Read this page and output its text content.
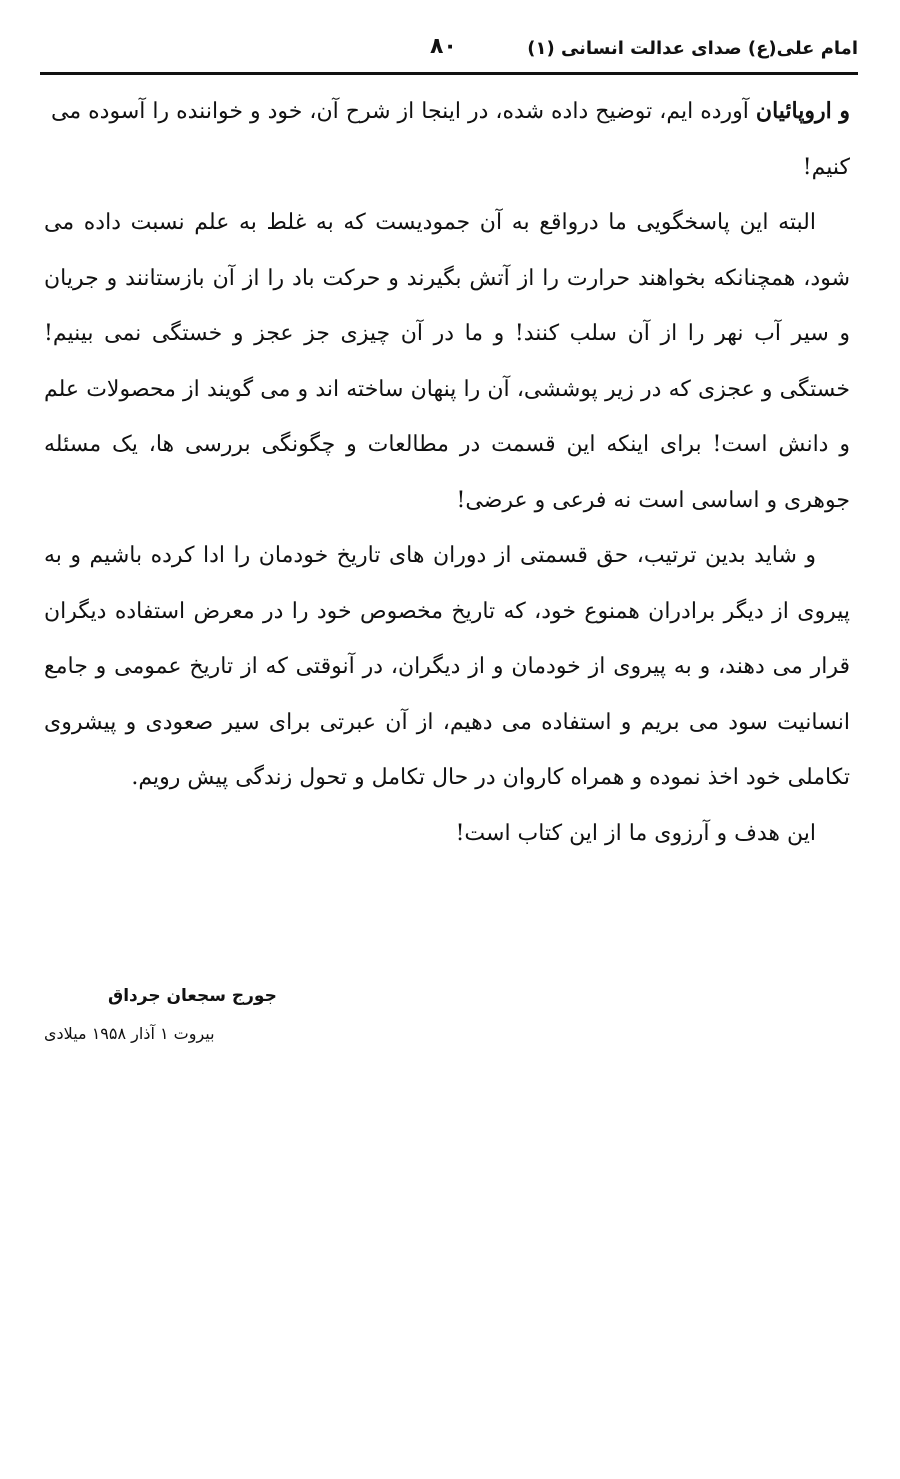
امام علی(ع) صدای عدالت انسانی (۱)
۸۰

و اروپائیان آورده ایم، توضیح داده شده، در اینجا از شرح آن، خود و خواننده را آسوده می کنیم!

البته این پاسخگویی ما درواقع به آن جمودیست که به غلط به علم نسبت داده می شود، همچنانکه بخواهند حرارت را از آتش بگیرند و حرکت باد را از آن بازستانند و جریان و سیر آب نهر را از آن سلب کنند! و ما در آن چیزی جز عجز و خستگی نمی بینیم! خستگی و عجزی که در زیر پوششی، آن را پنهان ساخته اند و می گویند از محصولات علم و دانش است! برای اینکه این قسمت در مطالعات و چگونگی بررسی ها، یک مسئله جوهری و اساسی است نه فرعی و عرضی!

و شاید بدین ترتیب، حق قسمتی از دوران های تاریخ خودمان را ادا کرده باشیم و به پیروی از دیگر برادران همنوع خود، که تاریخ مخصوص خود را در معرض استفاده دیگران قرار می دهند، و به پیروی از خودمان و از دیگران، در آنوقتی که از تاریخ عمومی و جامع انسانیت سود می بریم و استفاده می دهیم، از آن عبرتی برای سیر صعودی و پیشروی تکاملی خود اخذ نموده و همراه کاروان در حال تکامل و تحول زندگی پیش رویم.

این هدف و آرزوی ما از این کتاب است!

جورج سجعان جرداق
بیروت ۱ آذار ۱۹۵۸ میلادی
